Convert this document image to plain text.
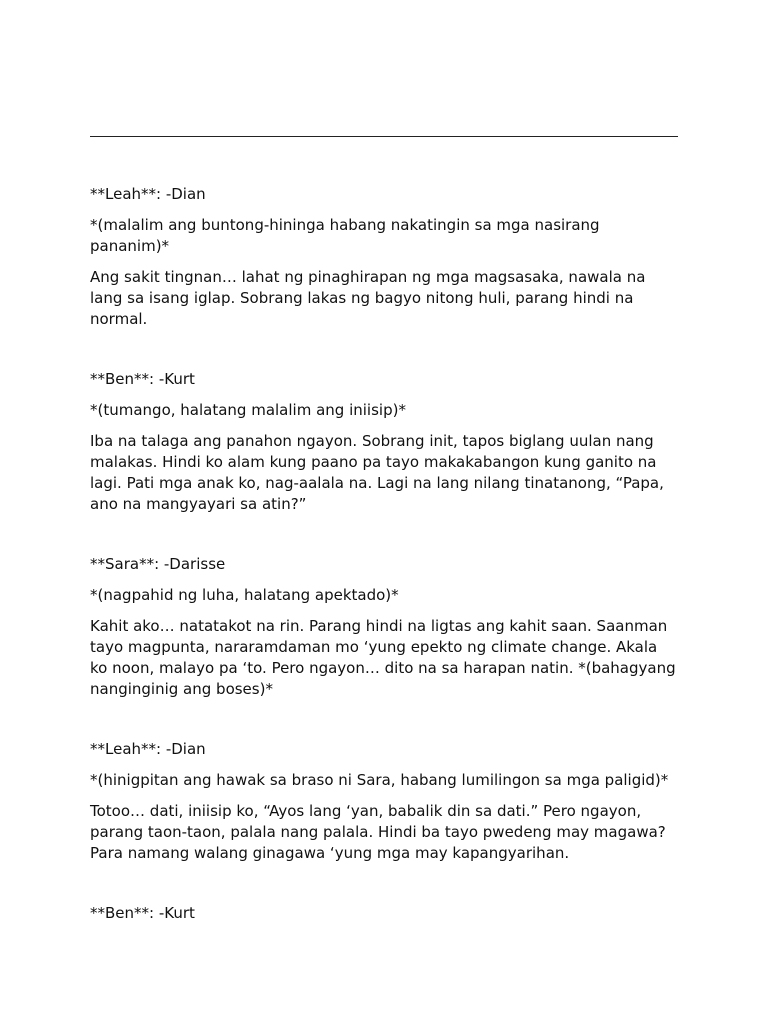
**Leah**: -Dian
*(malalim ang buntong-hininga habang nakatingin sa mga nasirang pananim)*
Ang sakit tingnan… lahat ng pinaghirapan ng mga magsasaka, nawala na lang sa isang iglap. Sobrang lakas ng bagyo nitong huli, parang hindi na normal.
**Ben**: -Kurt
*(tumango, halatang malalim ang iniisip)*
Iba na talaga ang panahon ngayon. Sobrang init, tapos biglang uulan nang malakas. Hindi ko alam kung paano pa tayo makakabangon kung ganito na lagi. Pati mga anak ko, nag-aalala na. Lagi na lang nilang tinatanong, “Papa, ano na mangyayari sa atin?”
**Sara**: -Darisse
*(nagpahid ng luha, halatang apektado)*
Kahit ako… natatakot na rin. Parang hindi na ligtas ang kahit saan. Saanman tayo magpunta, nararamdaman mo ‘yung epekto ng climate change. Akala ko noon, malayo pa ‘to. Pero ngayon… dito na sa harapan natin. *(bahagyang nanginginig ang boses)*
**Leah**: -Dian
*(hinigpitan ang hawak sa braso ni Sara, habang lumilingon sa mga paligid)*
Totoo… dati, iniisip ko, “Ayos lang ‘yan, babalik din sa dati.” Pero ngayon, parang taon-taon, palala nang palala. Hindi ba tayo pwedeng may magawa? Para namang walang ginagawa ‘yung mga may kapangyarihan.
**Ben**: -Kurt
